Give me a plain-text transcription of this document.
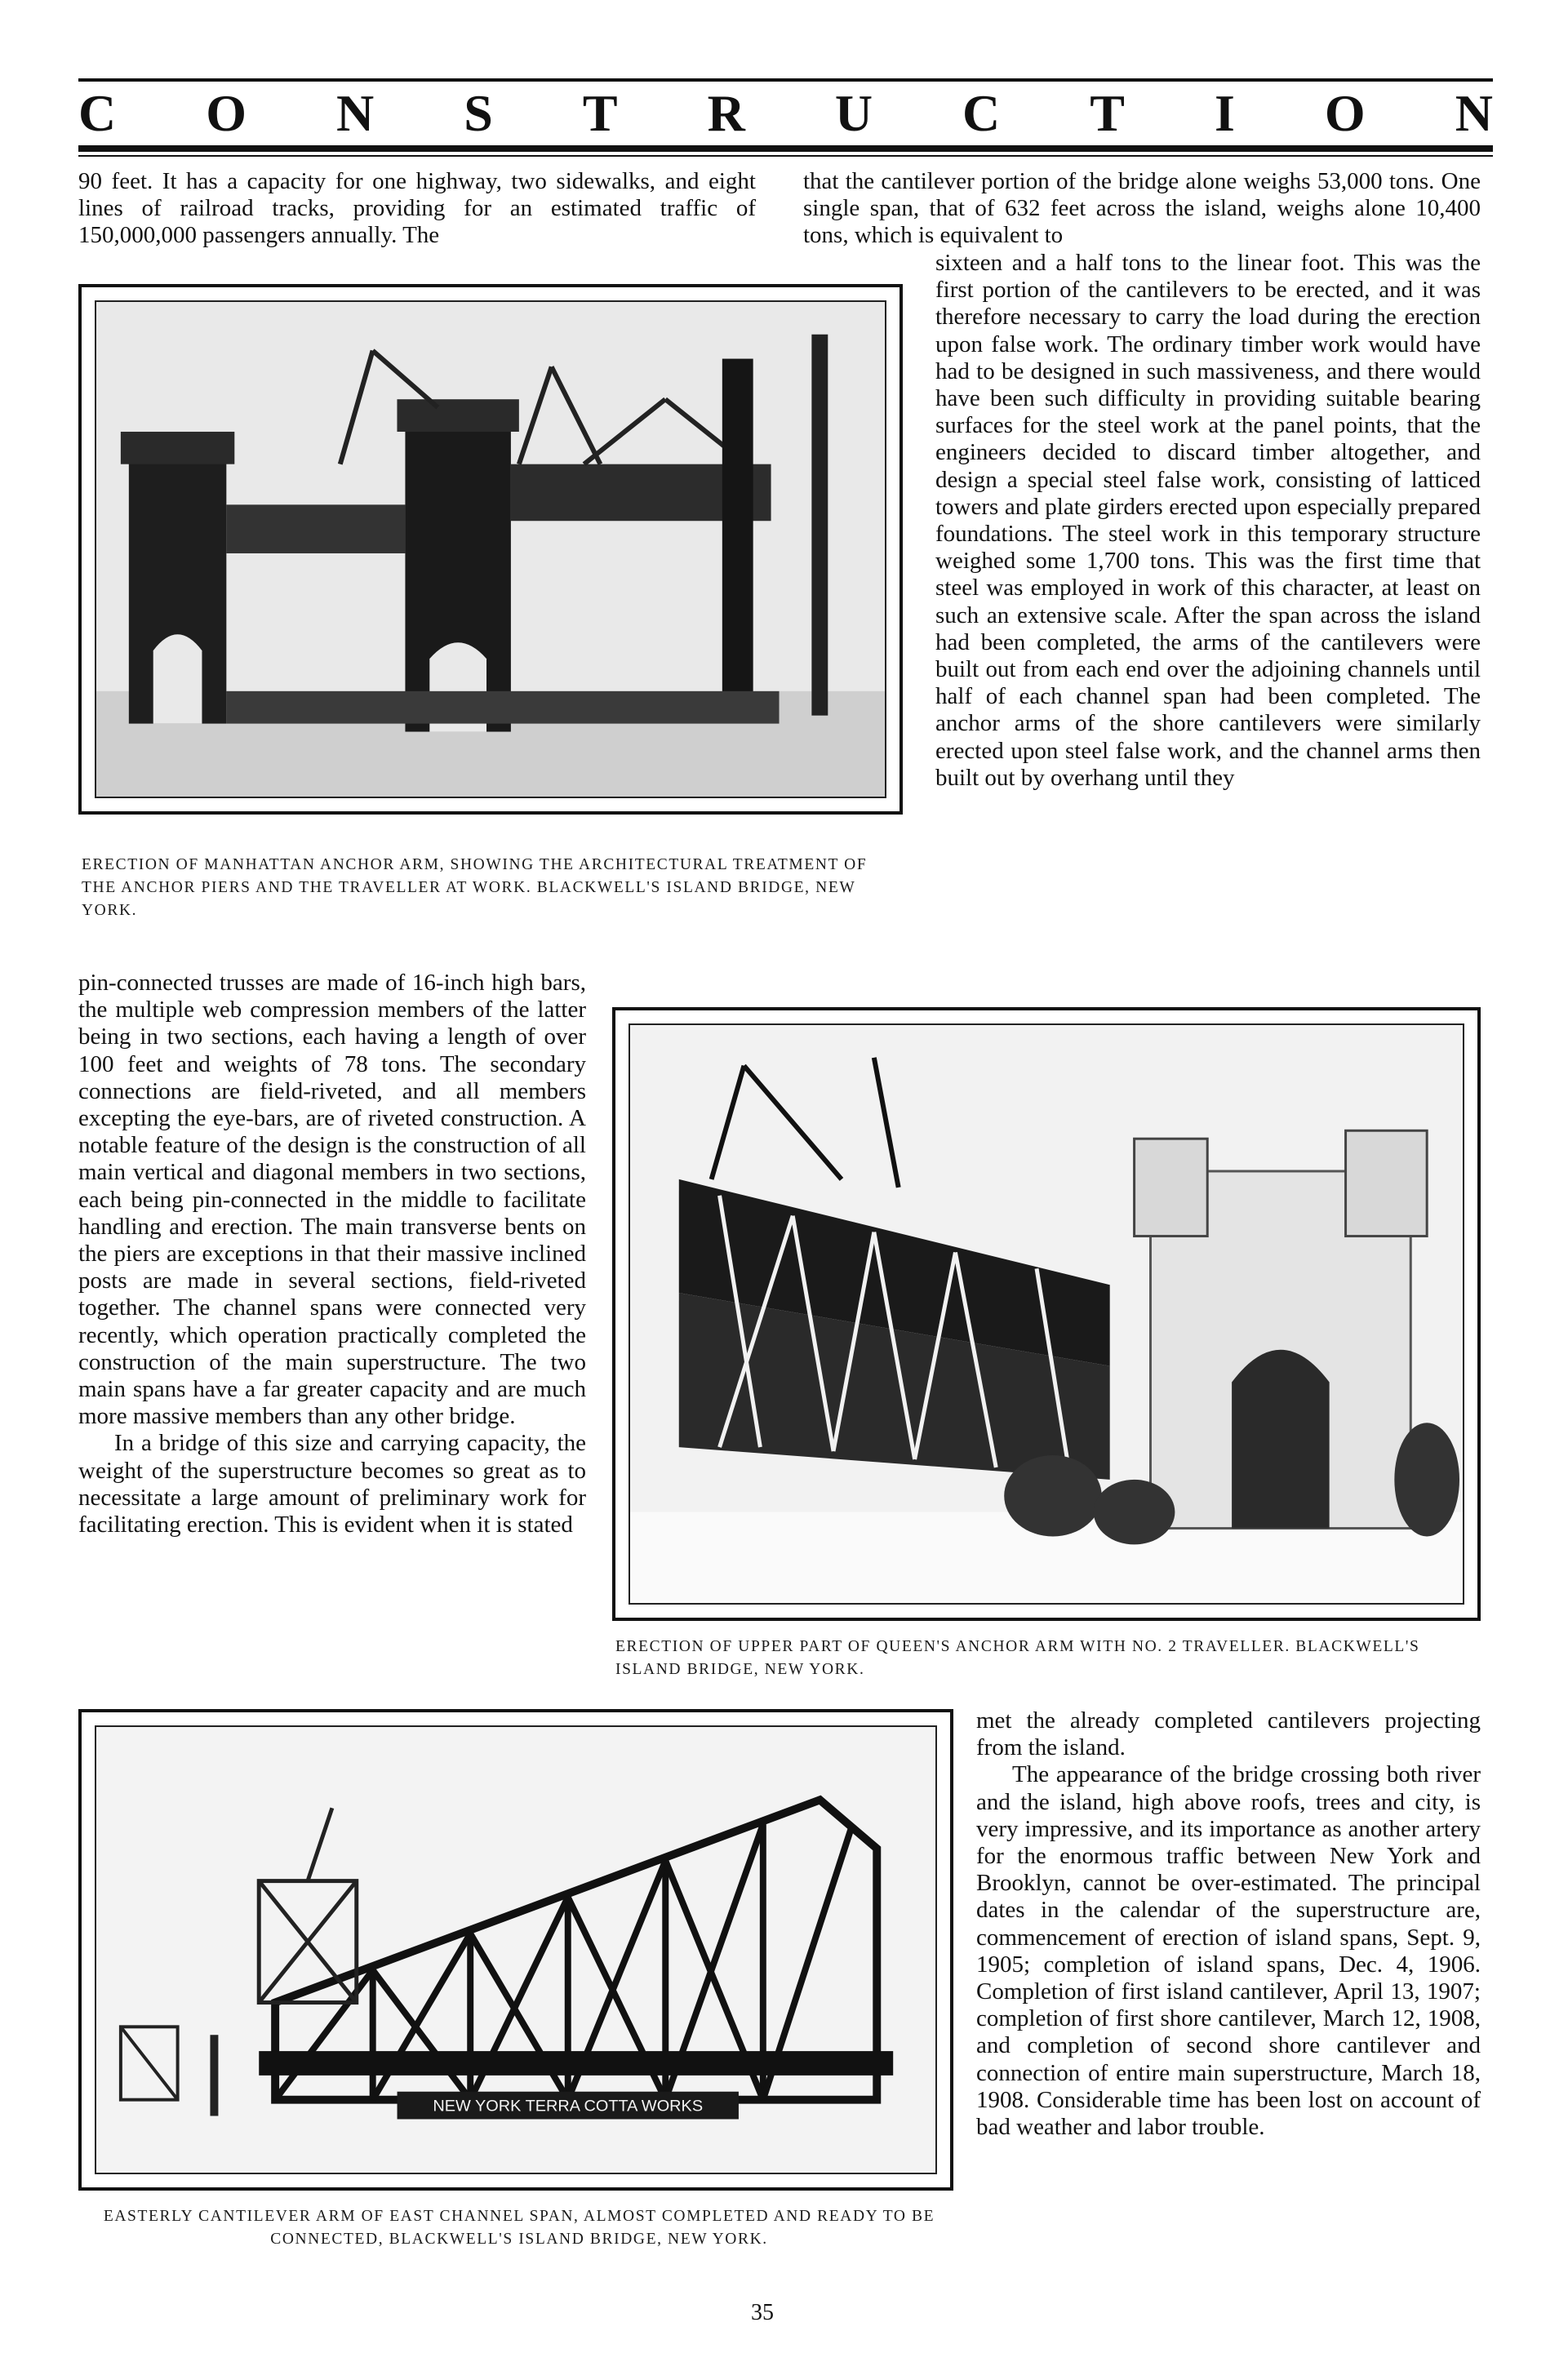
C O N S T R U C T I O N

90 feet. It has a capacity for one highway, two sidewalks, and eight lines of railroad tracks, providing for an estimated traffic of 150,000,000 passengers annually. The

that the cantilever portion of the bridge alone weighs 53,000 tons. One single span, that of 632 feet across the island, weighs alone 10,400 tons, which is equivalent to

ERECTION OF MANHATTAN ANCHOR ARM, SHOWING THE ARCHITECTURAL TREATMENT OF THE ANCHOR PIERS AND THE TRAVELLER AT WORK. BLACKWELL'S ISLAND BRIDGE, NEW YORK.

sixteen and a half tons to the linear foot. This was the first portion of the cantilevers to be erected, and it was therefore necessary to carry the load during the erection upon false work. The ordinary timber work would have had to be designed in such massiveness, and there would have been such difficulty in providing suitable bearing surfaces for the steel work at the panel points, that the engineers decided to discard timber altogether, and design a special steel false work, consisting of latticed towers and plate girders erected upon especially prepared foundations. The steel work in this temporary structure weighed some 1,700 tons. This was the first time that steel was employed in work of this character, at least on such an extensive scale. After the span across the island had been completed, the arms of the cantilevers were built out from each end over the adjoining channels until half of each channel span had been completed. The anchor arms of the shore cantilevers were similarly erected upon steel false work, and the channel arms then built out by overhang until they

pin-connected trusses are made of 16-inch high bars, the multiple web compression members of the latter being in two sections, each having a length of over 100 feet and weights of 78 tons. The secondary connections are field-riveted, and all members excepting the eye-bars, are of riveted construction. A notable feature of the design is the construction of all main vertical and diagonal members in two sections, each being pin-connected in the middle to facilitate handling and erection. The main transverse bents on the piers are exceptions in that their massive inclined posts are made in several sections, field-riveted together. The channel spans were connected very recently, which operation practically completed the construction of the main superstructure. The two main spans have a far greater capacity and are much more massive members than any other bridge.

In a bridge of this size and carrying capacity, the weight of the superstructure becomes so great as to necessitate a large amount of preliminary work for facilitating erection. This is evident when it is stated

ERECTION OF UPPER PART OF QUEEN'S ANCHOR ARM WITH NO. 2 TRAVELLER. BLACKWELL'S ISLAND BRIDGE, NEW YORK.
NEW YORK TERRA COTTA WORKS
EASTERLY CANTILEVER ARM OF EAST CHANNEL SPAN, ALMOST COMPLETED AND READY TO BE CONNECTED, BLACKWELL'S ISLAND BRIDGE, NEW YORK.

met the already completed cantilevers projecting from the island.

The appearance of the bridge crossing both river and the island, high above roofs, trees and city, is very impressive, and its importance as another artery for the enormous traffic between New York and Brooklyn, cannot be over-estimated. The principal dates in the calendar of the superstructure are, commencement of erection of island spans, Sept. 9, 1905; completion of island spans, Dec. 4, 1906. Completion of first island cantilever, April 13, 1907; completion of first shore cantilever, March 12, 1908, and completion of second shore cantilever and connection of entire main superstructure, March 18, 1908. Considerable time has been lost on account of bad weather and labor trouble.

35
